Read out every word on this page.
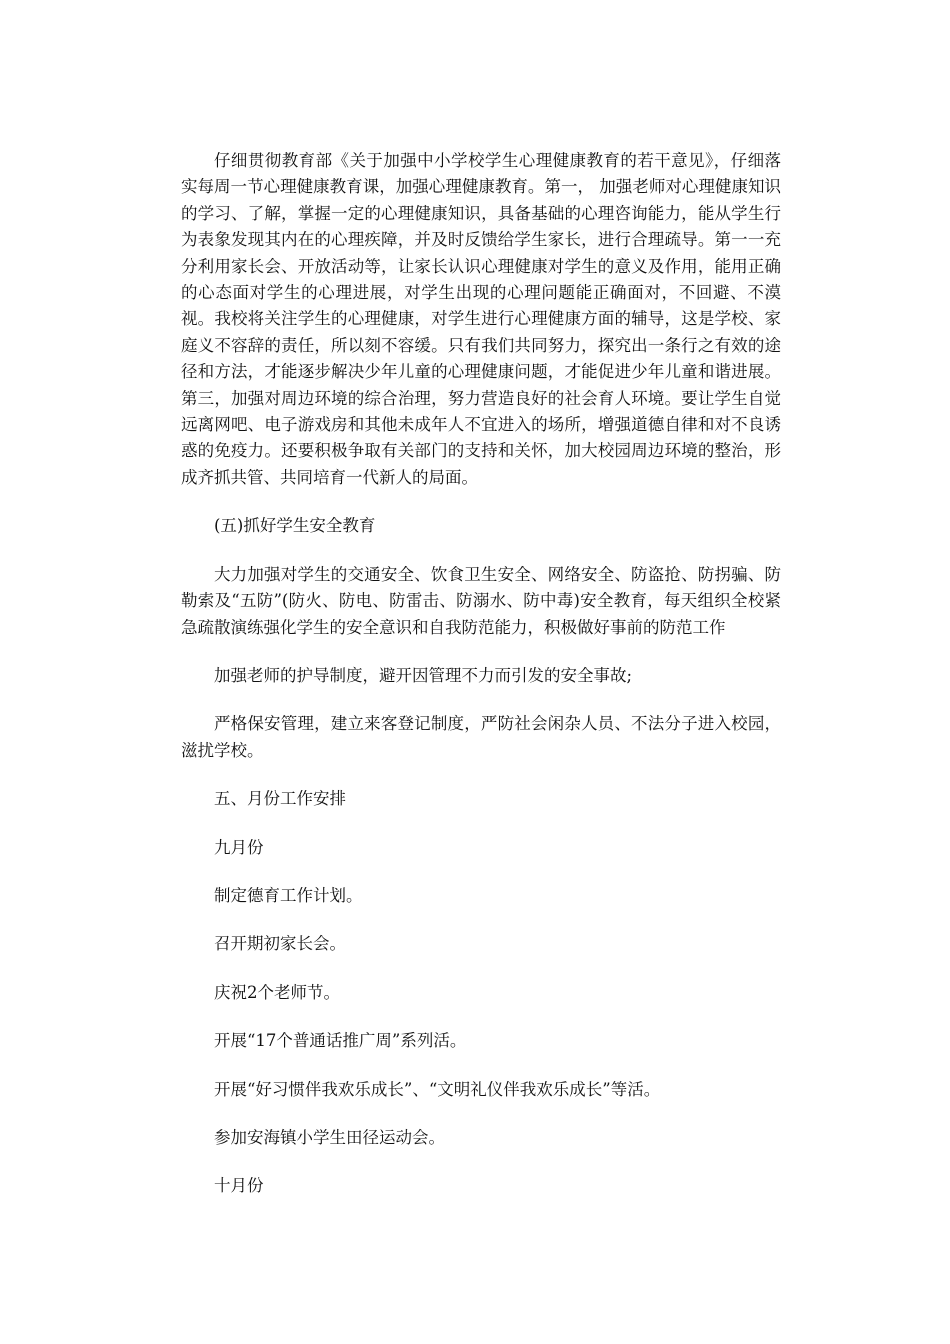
仔细贯彻教育部《关于加强中小学校学生心理健康教育的若干意见》，仔细落实每周一节心理健康教育课，加强心理健康教育。第一， 加强老师对心理健康知识的学习、了解，掌握一定的心理健康知识，具备基础的心理咨询能力，能从学生行为表象发现其内在的心理疾障，并及时反馈给学生家长，进行合理疏导。第一一充分利用家长会、开放活动等，让家长认识心理健康对学生的意义及作用，能用正确的心态面对学生的心理进展，对学生出现的心理问题能正确面对，不回避、不漠视。我校将关注学生的心理健康，对学生进行心理健康方面的辅导，这是学校、家庭义不容辞的责任，所以刻不容缓。只有我们共同努力，探究出一条行之有效的途径和方法，才能逐步解决少年儿童的心理健康问题，才能促进少年儿童和谐进展。第三，加强对周边环境的综合治理，努力营造良好的社会育人环境。要让学生自觉远离网吧、电子游戏房和其他未成年人不宜进入的场所，增强道德自律和对不良诱惑的免疫力。还要积极争取有关部门的支持和关怀，加大校园周边环境的整治，形成齐抓共管、共同培育一代新人的局面。

(五)抓好学生安全教育

大力加强对学生的交通安全、饮食卫生安全、网络安全、防盗抢、防拐骗、防勒索及“五防”(防火、防电、防雷击、防溺水、防中毒)安全教育，每天组织全校紧急疏散演练强化学生的安全意识和自我防范能力，积极做好事前的防范工作

加强老师的护导制度，避开因管理不力而引发的安全事故;

严格保安管理，建立来客登记制度，严防社会闲杂人员、不法分子进入校园，滋扰学校。

五、月份工作安排

九月份

制定德育工作计划。

召开期初家长会。

庆祝2个老师节。

开展“17个普通话推广周”系列活。

开展“好习惯伴我欢乐成长”、“文明礼仪伴我欢乐成长”等活。

参加安海镇小学生田径运动会。

十月份
